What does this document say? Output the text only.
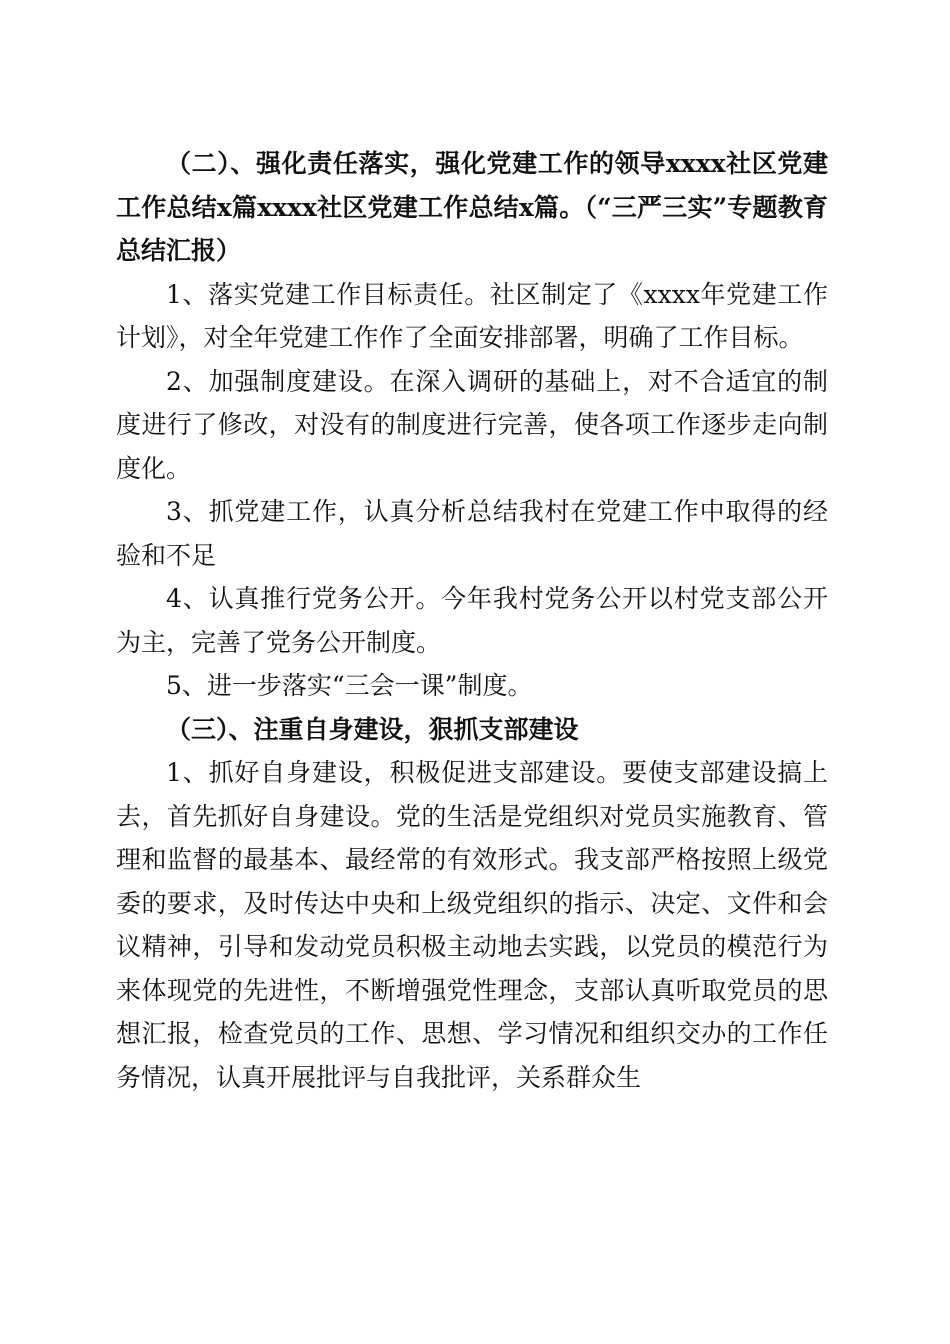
（二）、强化责任落实，强化党建工作的领导xxxx社区党建工作总结x篇xxxx社区党建工作总结x篇。（“三严三实”专题教育总结汇报）

1、落实党建工作目标责任。社区制定了《xxxx年党建工作计划》，对全年党建工作作了全面安排部署，明确了工作目标。

2、加强制度建设。在深入调研的基础上，对不合适宜的制度进行了修改，对没有的制度进行完善，使各项工作逐步走向制度化。

3、抓党建工作，认真分析总结我村在党建工作中取得的经验和不足

4、认真推行党务公开。今年我村党务公开以村党支部公开为主，完善了党务公开制度。

5、进一步落实“三会一课”制度。

（三）、注重自身建设，狠抓支部建设

1、抓好自身建设，积极促进支部建设。要使支部建设搞上去，首先抓好自身建设。党的生活是党组织对党员实施教育、管理和监督的最基本、最经常的有效形式。我支部严格按照上级党委的要求，及时传达中央和上级党组织的指示、决定、文件和会议精神，引导和发动党员积极主动地去实践，以党员的模范行为来体现党的先进性，不断增强党性理念，支部认真听取党员的思想汇报，检查党员的工作、思想、学习情况和组织交办的工作任务情况，认真开展批评与自我批评，关系群众生
